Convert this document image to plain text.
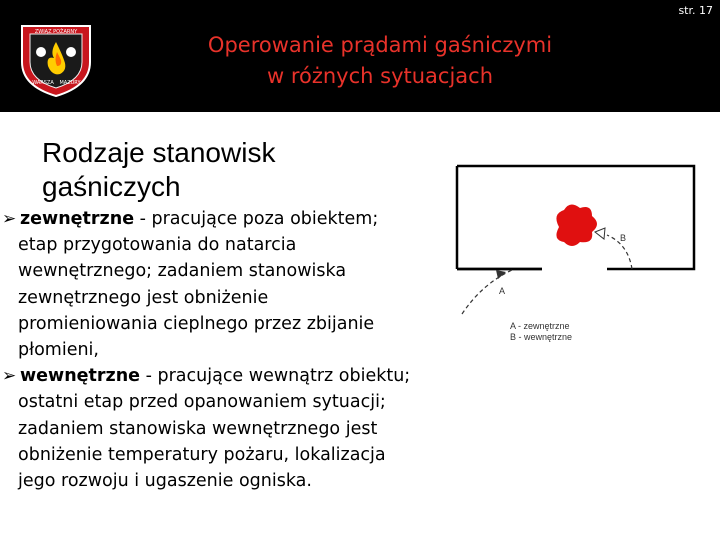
str. 17
ZWIĄZ POŻARNY
WARSZA MAZURY
Operowanie prądami gaśniczymi
w różnych sytuacjach
Rodzaje stanowisk
gaśniczych
B
A
A - zewnętrzne
B - wewnętrzne
➢ zewnętrzne - pracujące poza obiektem;
etap przygotowania do natarcia
wewnętrznego; zadaniem stanowiska
zewnętrznego jest obniżenie
promieniowania cieplnego przez zbijanie
płomieni,
➢ wewnętrzne - pracujące wewnątrz obiektu;
ostatni etap przed opanowaniem sytuacji;
zadaniem stanowiska wewnętrznego jest
obniżenie temperatury pożaru, lokalizacja
jego rozwoju i ugaszenie ogniska.
